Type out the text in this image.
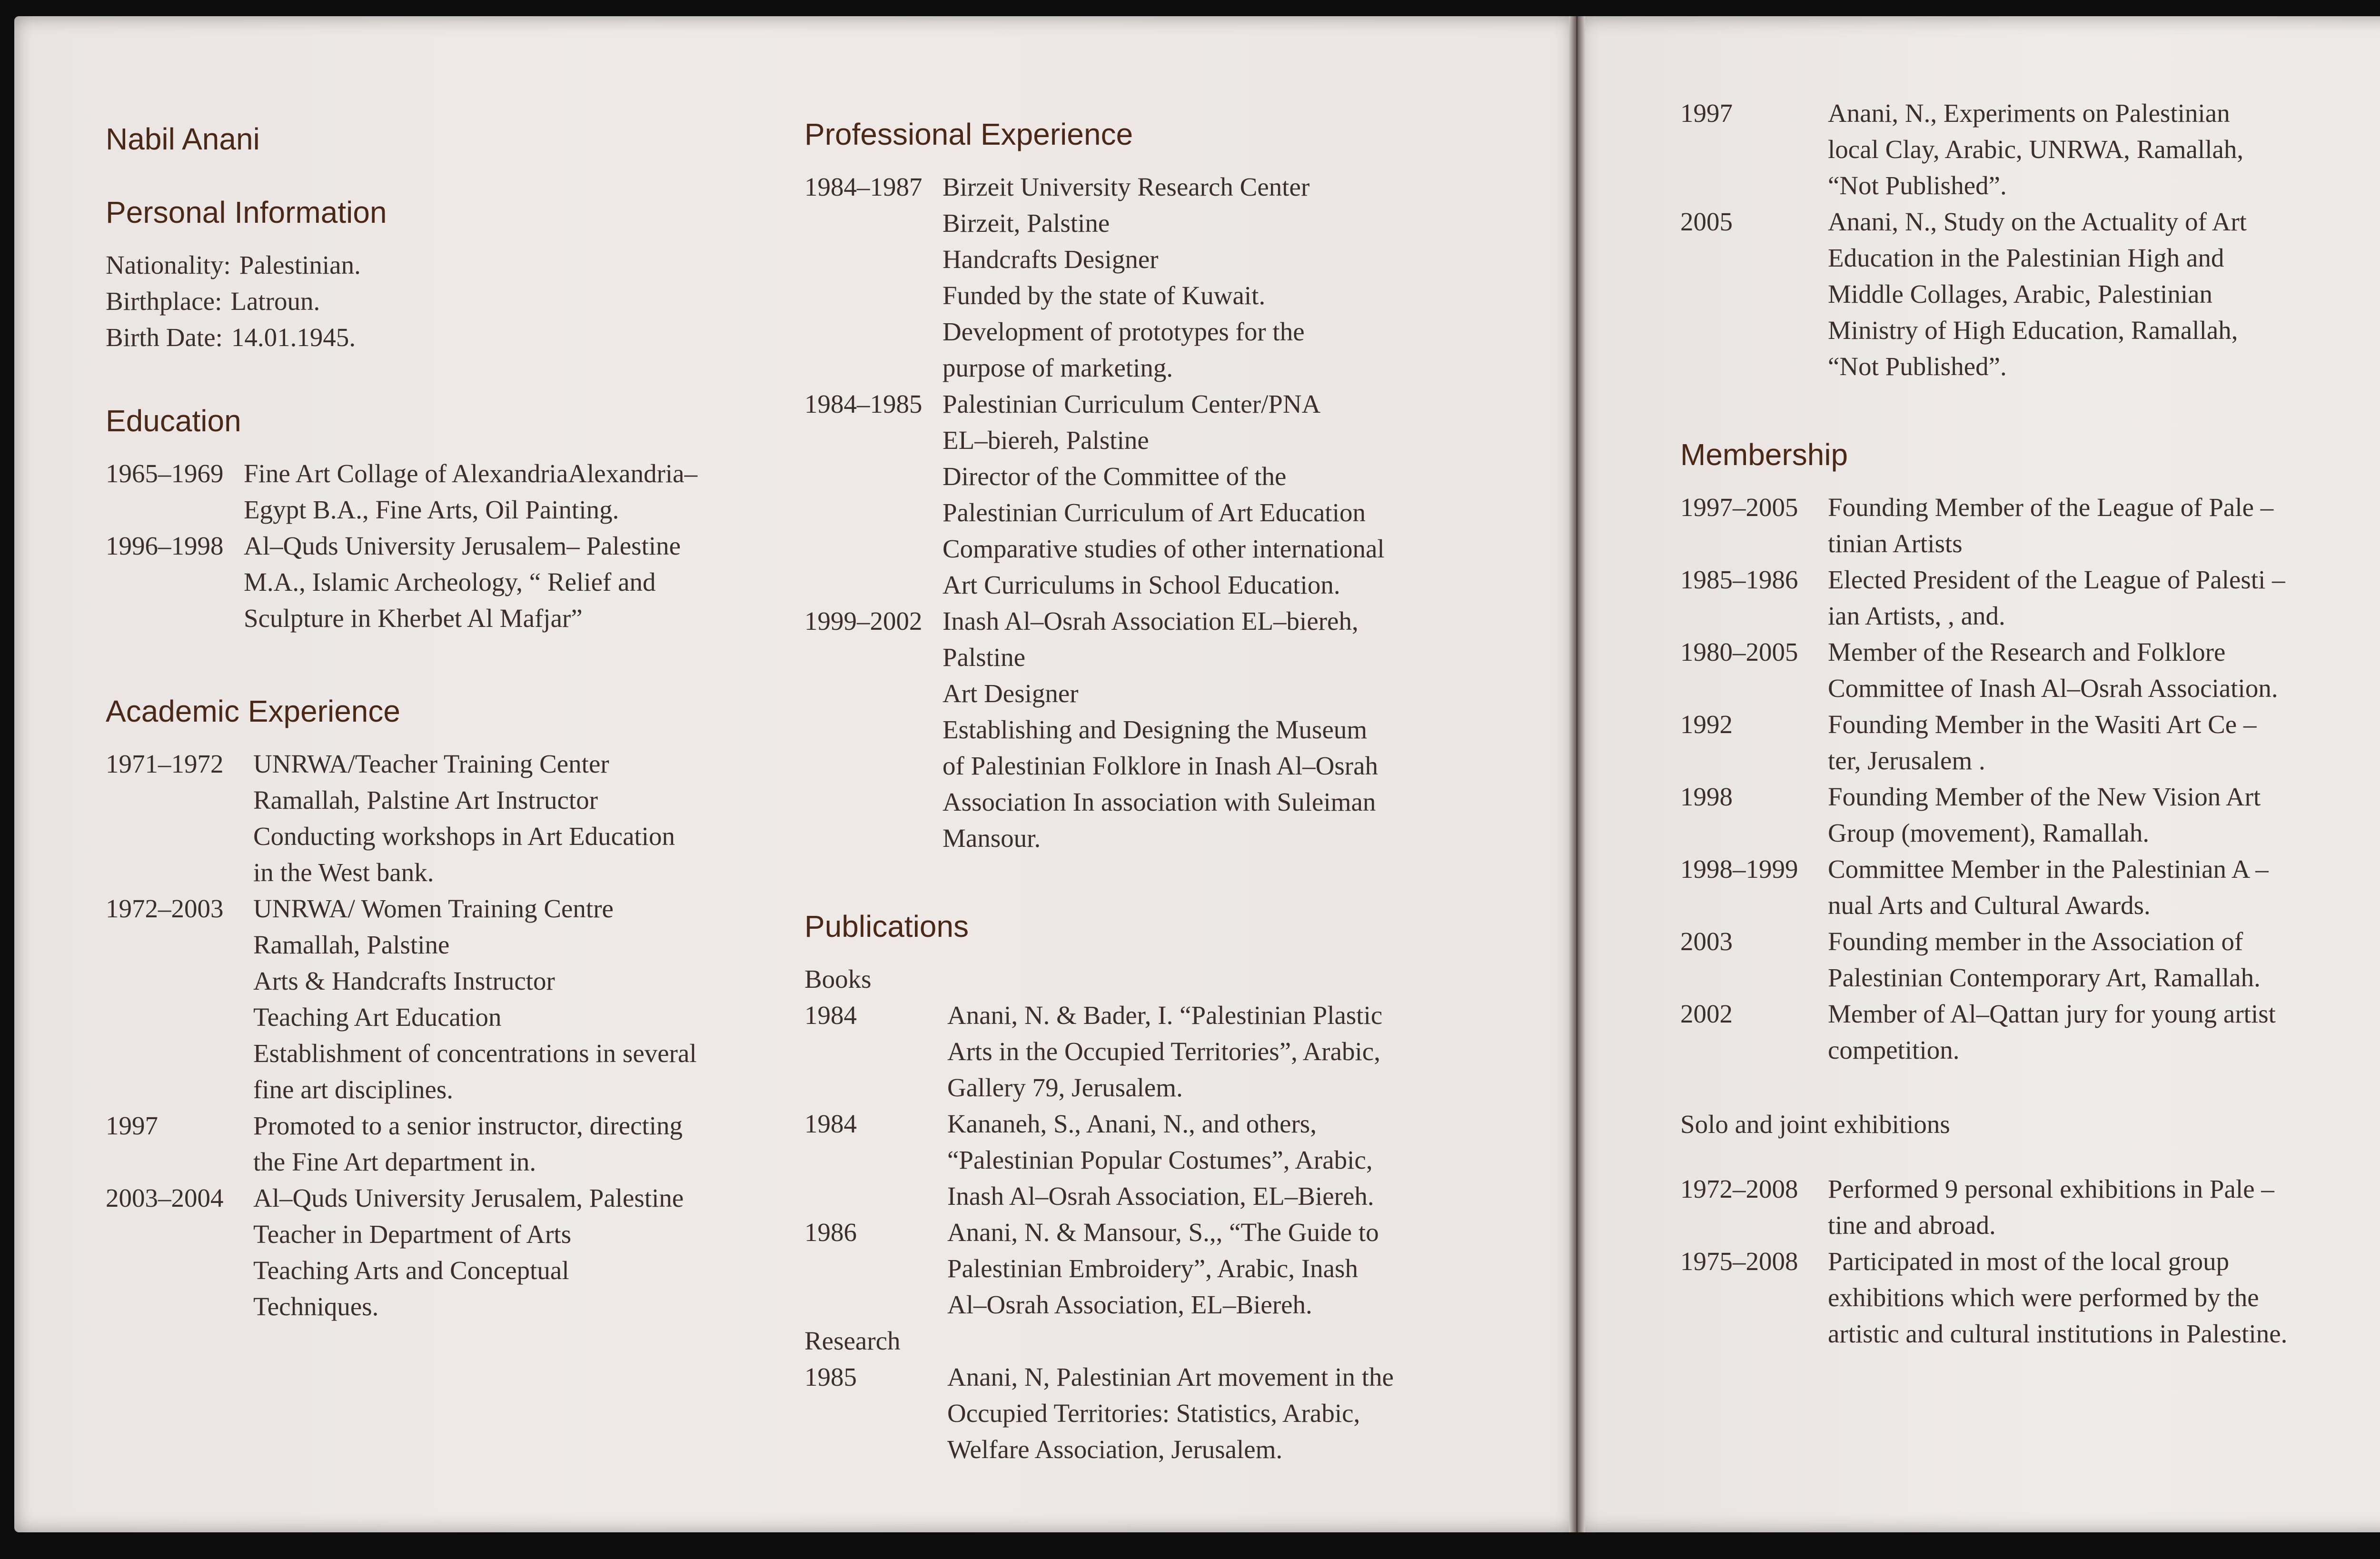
Nabil Anani
Personal Information
Nationality: Palestinian.
Birthplace: Latroun.
Birth Date: 14.01.1945.
Education
1965–1969 Fine Art Collage of AlexandriaAlexandria–
Egypt B.A., Fine Arts, Oil Painting.
1996–1998 Al–Quds University Jerusalem– Palestine
M.A., Islamic Archeology, “ Relief and
Sculpture in Kherbet Al Mafjar”
Academic Experience
1971–1972	UNRWA/Teacher Training Center
Ramallah, Palstine Art Instructor
Conducting workshops in Art Education
in the West bank.
1972–2003	UNRWA/ Women Training Centre
Ramallah, Palstine
Arts & Handcrafts Instructor
Teaching Art Education
Establishment of concentrations in several
fine art disciplines.
1997	Promoted to a senior instructor, directing
the Fine Art department in.
2003–2004	Al–Quds University Jerusalem, Palestine
Teacher in Department of Arts
Teaching Arts and Conceptual
Techniques.
Professional Experience
1984–1987 Birzeit University Research Center
Birzeit, Palstine
Handcrafts Designer
Funded by the state of Kuwait.
Development of prototypes for the
purpose of marketing.
1984–1985 Palestinian Curriculum Center/PNA
EL–biereh, Palstine
Director of the Committee of the
Palestinian Curriculum of Art Education
Comparative studies of other international
Art Curriculums in School Education.
1999–2002 Inash Al–Osrah Association EL–biereh,
Palstine
Art Designer
Establishing and Designing the Museum
of Palestinian Folklore in Inash Al–Osrah
Association In association with Suleiman
Mansour.
Publications
Books
1984	Anani, N. & Bader, I. “Palestinian Plastic
Arts in the Occupied Territories”, Arabic,
Gallery 79, Jerusalem.
1984	Kananeh, S., Anani, N., and others,
“Palestinian Popular Costumes”, Arabic,
Inash Al–Osrah Association, EL–Biereh.
1986	Anani, N. & Mansour, S.,, “The Guide to
Palestinian Embroidery”, Arabic, Inash
Al–Osrah Association, EL–Biereh.
Research
1985	Anani, N, Palestinian Art movement in the
Occupied Territories: Statistics, Arabic,
Welfare Association, Jerusalem.
1997	Anani, N., Experiments on Palestinian
local Clay, Arabic, UNRWA, Ramallah,
“Not Published”.
2005	Anani, N., Study on the Actuality of Art
Education in the Palestinian High and
Middle Collages, Arabic, Palestinian
Ministry of High Education, Ramallah,
“Not Published”.
Membership
1997–2005	Founding Member of the League of Pale –
tinian Artists
1985–1986	Elected President of the League of Palesti –
ian Artists, , and.
1980–2005	Member of the Research and Folklore
Committee of Inash Al–Osrah Association.
1992	Founding Member in the Wasiti Art Ce –
ter, Jerusalem .
1998	Founding Member of the New Vision Art
Group (movement), Ramallah.
1998–1999	Committee Member in the Palestinian A –
nual Arts and Cultural Awards.
2003	Founding member in the Association of
Palestinian Contemporary Art, Ramallah.
2002	Member of Al–Qattan jury for young artist
competition.
Solo and joint exhibitions
1972–2008	Performed 9 personal exhibitions in Pale –
tine and abroad.
1975–2008	Participated in most of the local group
exhibitions which were performed by the
artistic and cultural institutions in Palestine.
